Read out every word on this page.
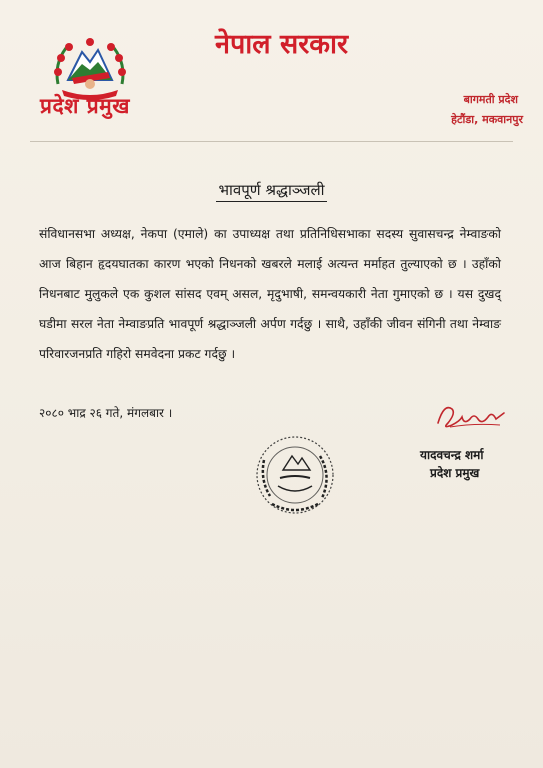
प्रदेश प्रमुख
नेपाल सरकार
बागमती प्रदेश
हेटौंडा, मकवानपुर
भावपूर्ण श्रद्धाञ्जली

संविधानसभा अध्यक्ष, नेकपा (एमाले) का उपाध्यक्ष तथा प्रतिनिधिसभाका सदस्य सुवासचन्द्र नेम्वाङको आज बिहान हृदयघातका कारण भएको निधनको खबरले मलाई अत्यन्त मर्माहत तुल्याएको छ । उहाँको निधनबाट मुलुकले एक कुशल सांसद एवम् असल, मृदुभाषी, समन्वयकारी नेता गुमाएको छ । यस दुखद् घडीमा सरल नेता नेम्वाङप्रति भावपूर्ण श्रद्धाञ्जली अर्पण गर्दछु । साथै, उहाँकी जीवन संगिनी तथा नेम्वाङ परिवारजनप्रति गहिरो समवेदना प्रकट गर्दछु ।

२०८० भाद्र २६ गते, मंगलबार ।
यादवचन्द्र शर्मा
प्रदेश प्रमुख
